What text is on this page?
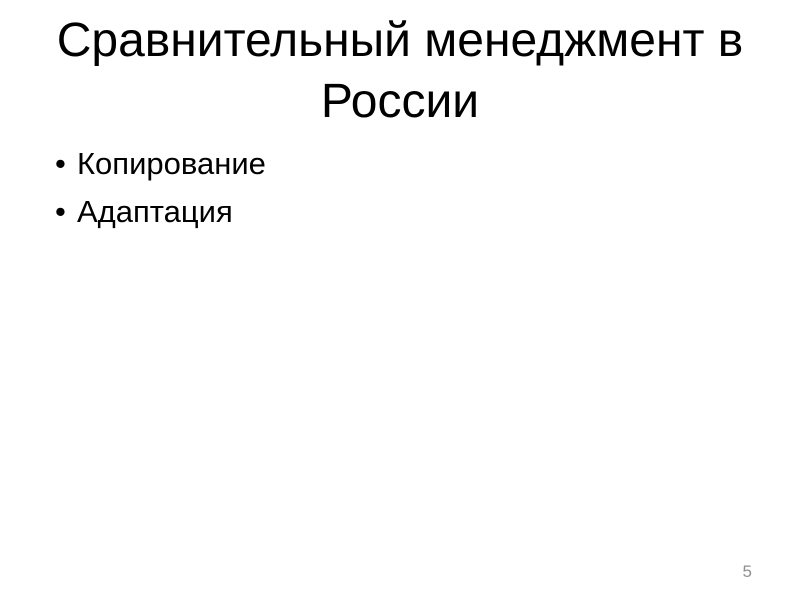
Сравнительный менеджмент в России
• Копирование
• Адаптация
5
